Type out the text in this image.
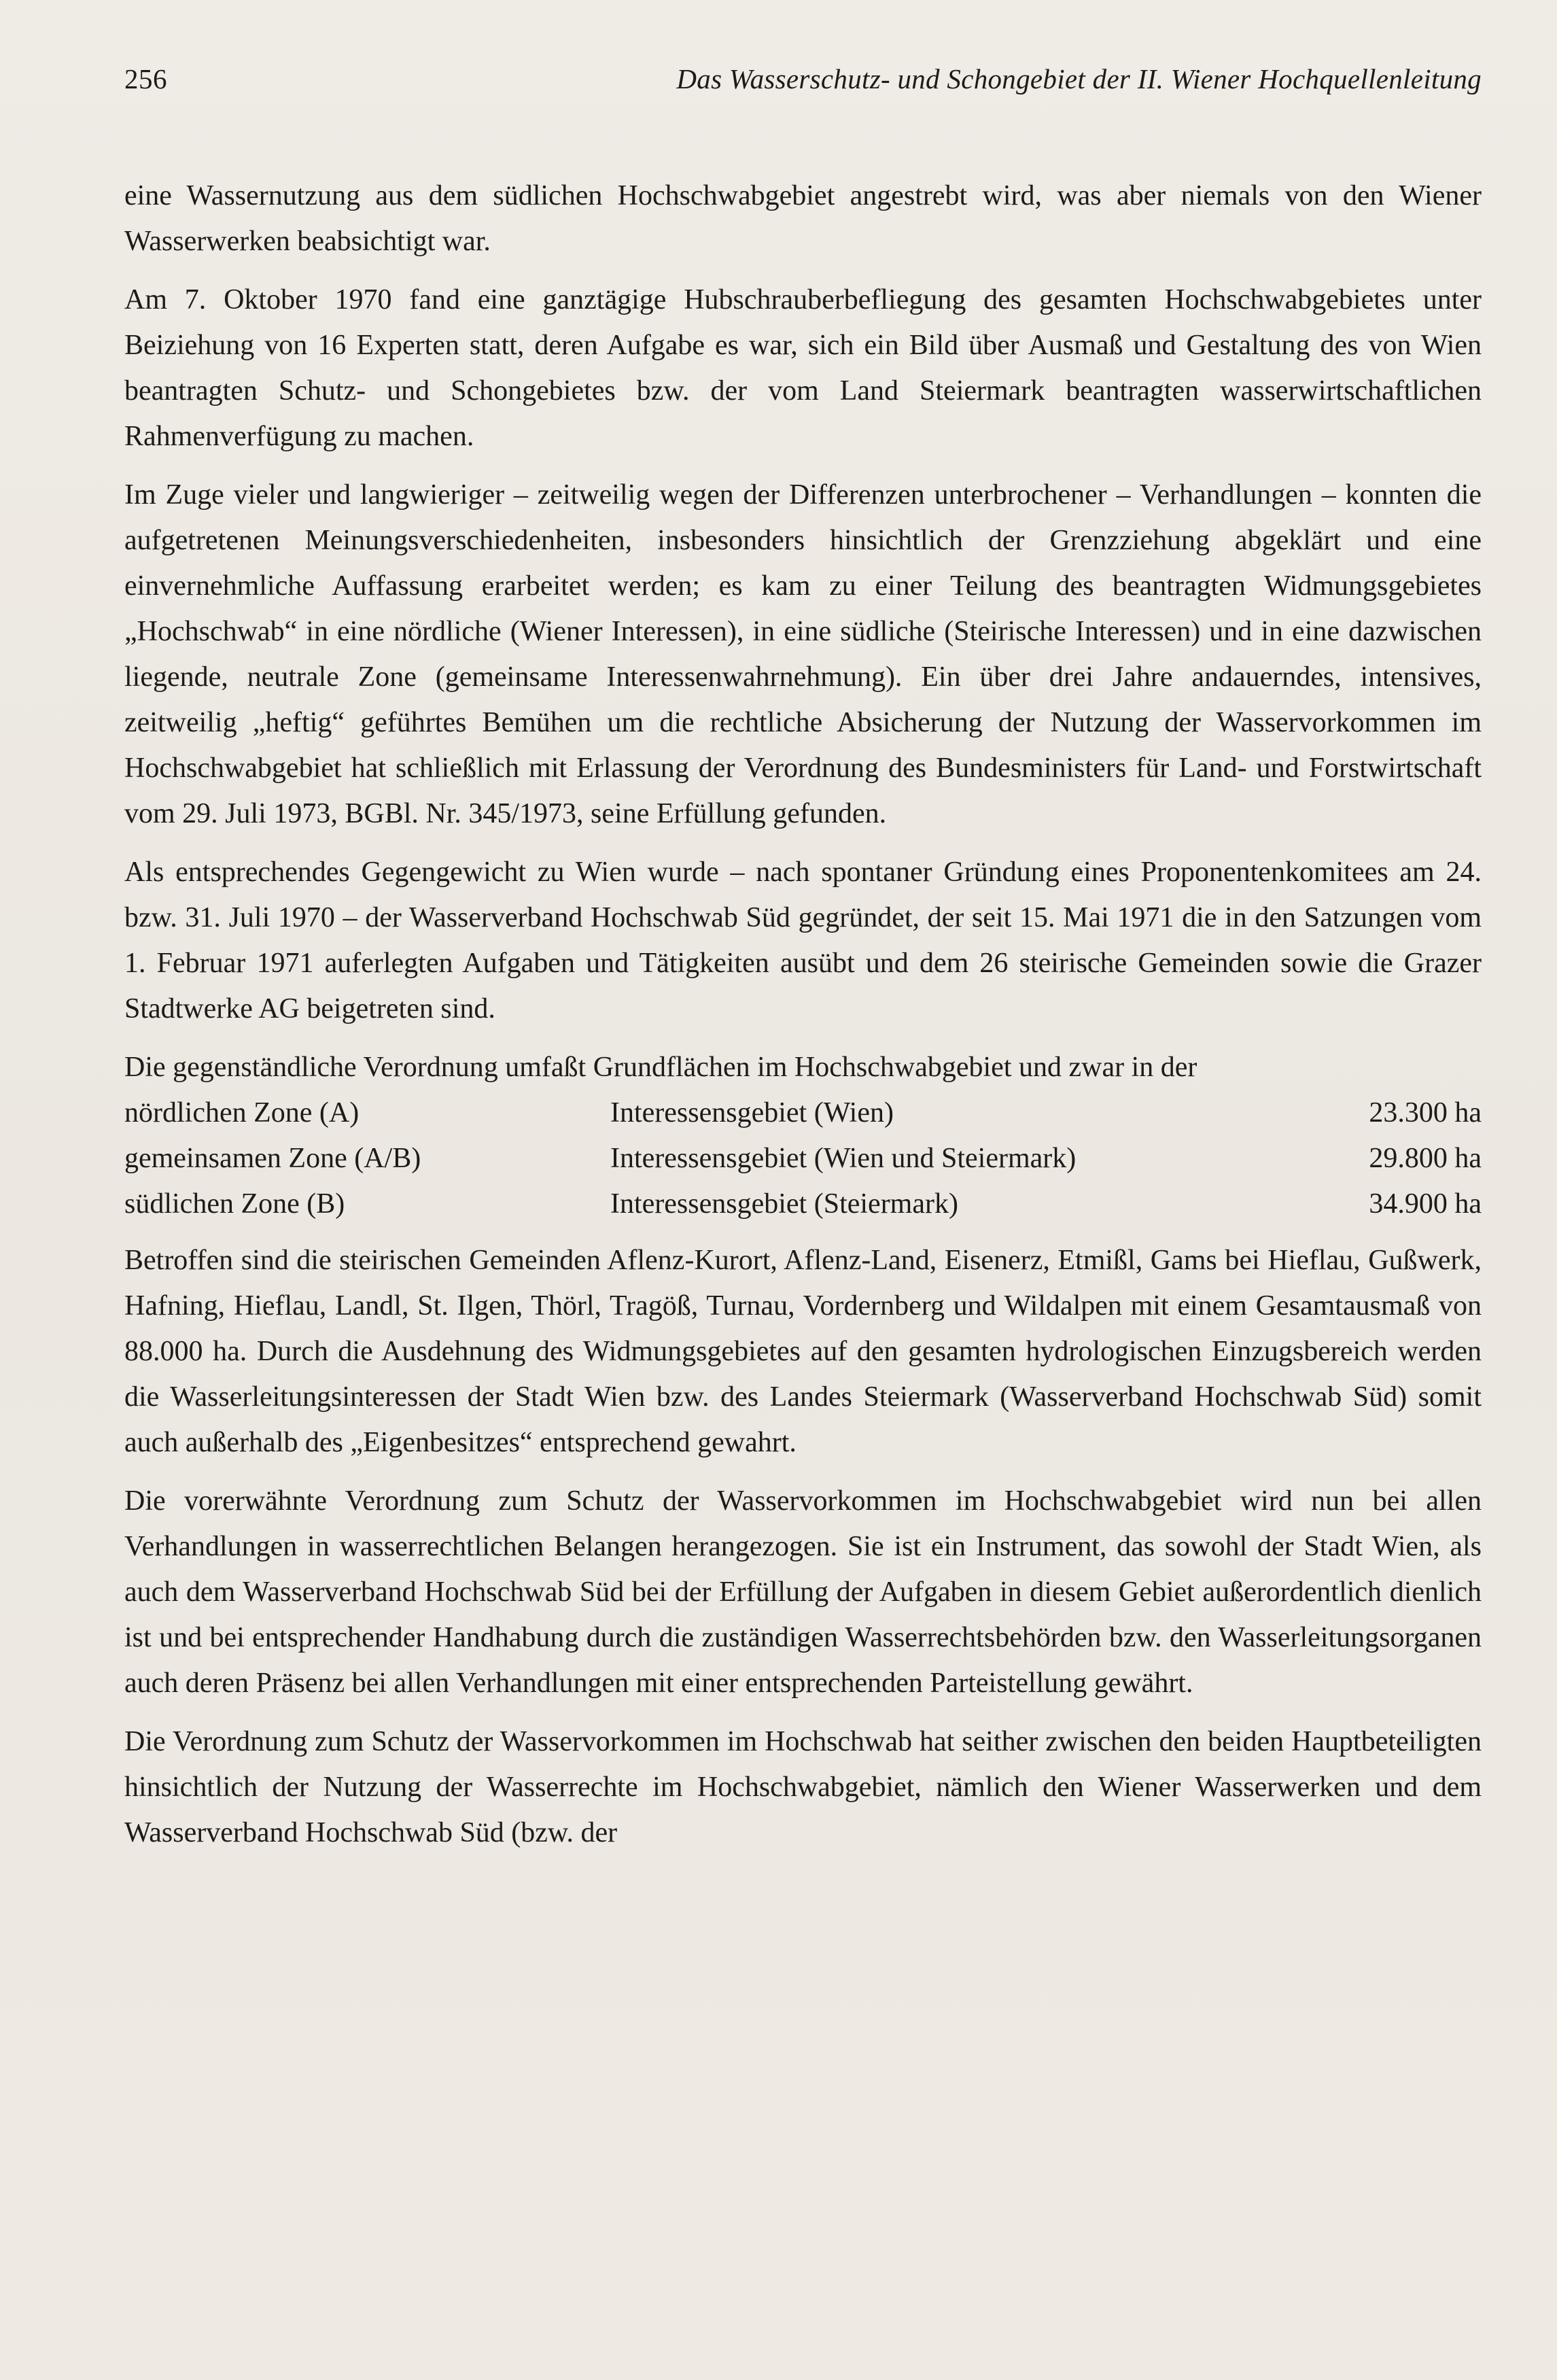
256	Das Wasserschutz- und Schongebiet der II. Wiener Hochquellenleitung

eine Wassernutzung aus dem südlichen Hochschwabgebiet angestrebt wird, was aber niemals von den Wiener Wasserwerken beabsichtigt war.

Am 7. Oktober 1970 fand eine ganztägige Hubschrauberbefliegung des gesamten Hochschwabgebietes unter Beiziehung von 16 Experten statt, deren Aufgabe es war, sich ein Bild über Ausmaß und Gestaltung des von Wien beantragten Schutz- und Schongebietes bzw. der vom Land Steiermark beantragten wasserwirtschaftlichen Rahmenverfügung zu machen.

Im Zuge vieler und langwieriger – zeitweilig wegen der Differenzen unterbrochener – Verhandlungen – konnten die aufgetretenen Meinungsverschiedenheiten, insbesonders hinsichtlich der Grenzziehung abgeklärt und eine einvernehmliche Auffassung erarbeitet werden; es kam zu einer Teilung des beantragten Widmungsgebietes „Hochschwab“ in eine nördliche (Wiener Interessen), in eine südliche (Steirische Interessen) und in eine dazwischen liegende, neutrale Zone (gemeinsame Interessenwahrnehmung). Ein über drei Jahre andauerndes, intensives, zeitweilig „heftig“ geführtes Bemühen um die rechtliche Absicherung der Nutzung der Wasservorkommen im Hochschwabgebiet hat schließlich mit Erlassung der Verordnung des Bundesministers für Land- und Forstwirtschaft vom 29. Juli 1973, BGBl. Nr. 345/1973, seine Erfüllung gefunden.

Als entsprechendes Gegengewicht zu Wien wurde – nach spontaner Gründung eines Proponentenkomitees am 24. bzw. 31. Juli 1970 – der Wasserverband Hochschwab Süd gegründet, der seit 15. Mai 1971 die in den Satzungen vom 1. Februar 1971 auferlegten Aufgaben und Tätigkeiten ausübt und dem 26 steirische Gemeinden sowie die Grazer Stadtwerke AG beigetreten sind.

Die gegenständliche Verordnung umfaßt Grundflächen im Hochschwabgebiet und zwar in der

nördlichen Zone (A)	Interessensgebiet (Wien)	23.300 ha
gemeinsamen Zone (A/B)	Interessensgebiet (Wien und Steiermark)	29.800 ha
südlichen Zone (B)	Interessensgebiet (Steiermark)	34.900 ha

Betroffen sind die steirischen Gemeinden Aflenz-Kurort, Aflenz-Land, Eisenerz, Etmißl, Gams bei Hieflau, Gußwerk, Hafning, Hieflau, Landl, St. Ilgen, Thörl, Tragöß, Turnau, Vordernberg und Wildalpen mit einem Gesamtausmaß von 88.000 ha. Durch die Ausdehnung des Widmungsgebietes auf den gesamten hydrologischen Einzugsbereich werden die Wasserleitungsinteressen der Stadt Wien bzw. des Landes Steiermark (Wasserverband Hochschwab Süd) somit auch außerhalb des „Eigenbesitzes“ entsprechend gewahrt.

Die vorerwähnte Verordnung zum Schutz der Wasservorkommen im Hochschwabgebiet wird nun bei allen Verhandlungen in wasserrechtlichen Belangen herangezogen. Sie ist ein Instrument, das sowohl der Stadt Wien, als auch dem Wasserverband Hochschwab Süd bei der Erfüllung der Aufgaben in diesem Gebiet außerordentlich dienlich ist und bei entsprechender Handhabung durch die zuständigen Wasserrechtsbehörden bzw. den Wasserleitungsorganen auch deren Präsenz bei allen Verhandlungen mit einer entsprechenden Parteistellung gewährt.

Die Verordnung zum Schutz der Wasservorkommen im Hochschwab hat seither zwischen den beiden Hauptbeteiligten hinsichtlich der Nutzung der Wasserrechte im Hochschwabgebiet, nämlich den Wiener Wasserwerken und dem Wasserverband Hochschwab Süd (bzw. der
